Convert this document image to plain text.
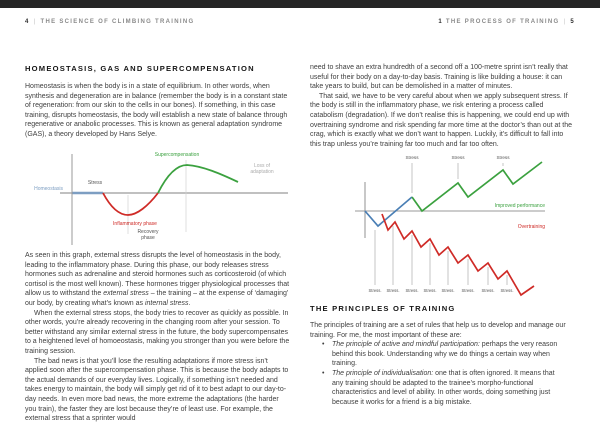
4 | THE SCIENCE OF CLIMBING TRAINING
HOMEOSTASIS, GAS AND SUPERCOMPENSATION

Homeostasis is when the body is in a state of equilibrium. In other words, when synthesis and degeneration are in balance (remember the body is in a constant state of regeneration: from our skin to the cells in our bones). If something, in this case training, disrupts homeostasis, the body will establish a new state of balance through regenerative or anabolic processes. This is known as general adaptation syndrome (GAS), a theory developed by Hans Selye.

Homeostasis
Stress
Supercompensation
Loss of
adaptation
Inflammatory phase
Recovery
phase

As seen in this graph, external stress disrupts the level of homeostasis in the body, leading to the inflammatory phase. During this phase, our body releases stress hormones such as adrenaline and steroid hormones such as corticosteroid (of which cortisol is the most well known). These hormones trigger physiological processes that allow us to withstand the external stress – the training – at the expense of ‘damaging’ our body, by creating what’s known as internal stress.

When the external stress stops, the body tries to recover as quickly as possible. In other words, you’re already recovering in the changing room after your session. To better withstand any similar external stress in the future, the body supercompensates to a heightened level of homoeostasis, making you stronger than you were before the training session.

The bad news is that you’ll lose the resulting adaptations if more stress isn’t applied soon after the supercompensation phase. This is because the body adapts to the actual demands of our everyday lives. Logically, if something isn’t needed and takes energy to maintain, the body will simply get rid of it to best adapt to our day-to-day needs. In even more bad news, the more extreme the adaptations (the harder you train), the faster they are lost because they’re of least use. For example, the external stress that a sprinter would

1 THE PROCESS OF TRAINING | 5

need to shave an extra hundredth of a second off a 100-metre sprint isn’t really that useful for their body on a day-to-day basis. Training is like building a house: it can take years to build, but can be demolished in a matter of minutes.

That said, we have to be very careful about when we apply subsequent stress. If the body is still in the inflammatory phase, we risk entering a process called catabolism (degradation). If we don’t realise this is happening, we could end up with overtraining syndrome and risk spending far more time at the doctor’s than out at the crag, which is exactly what we don’t want to happen. Luckily, it’s difficult to fall into this trap unless you’re training far too much and far too often.

Stress	Stress	Stress
Stress. Stress. Stress. Stress. Stress. Stress. Stress. Stress.
Improved performance
Overtraining
THE PRINCIPLES OF TRAINING

The principles of training are a set of rules that help us to develop and manage our training. For me, the most important of these are:

• The principle of active and mindful participation: perhaps the very reason behind this book. Understanding why we do things a certain way when training.
• The principle of individualisation: one that is often ignored. It means that any training should be adapted to the trainee’s morpho-functional characteristics and level of ability. In other words, doing something just because it works for a friend is a big mistake.
